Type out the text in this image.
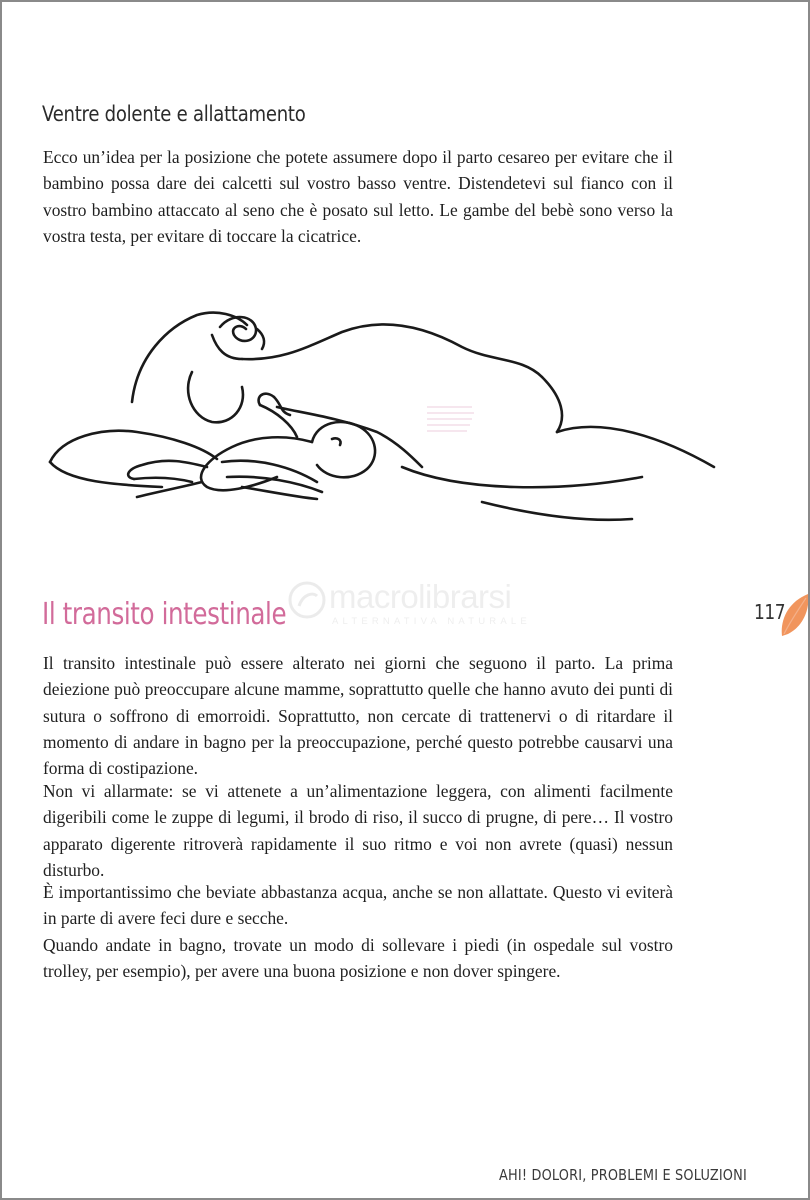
Ventre dolente e allattamento

Ecco un’idea per la posizione che potete assumere dopo il parto cesareo per evitare che il bambino possa dare dei calcetti sul vostro basso ventre. Distendetevi sul fianco con il vostro bambino attaccato al seno che è posato sul letto. Le gambe del bebè sono verso la vostra testa, per evitare di toccare la cicatrice.

macrolibrarsi
ALTERNATIVA NATURALE
Il transito intestinale	117

Il transito intestinale può essere alterato nei giorni che seguono il parto. La prima deiezione può preoccupare alcune mamme, soprattutto quelle che hanno avuto dei punti di sutura o soffrono di emorroidi. Soprattutto, non cercate di trattenervi o di ritardare il momento di andare in bagno per la preoccupazione, perché questo potrebbe causarvi una forma di costipazione.

Non vi allarmate: se vi attenete a un’alimentazione leggera, con alimenti facilmente digeribili come le zuppe di legumi, il brodo di riso, il succo di prugne, di pere… Il vostro apparato digerente ritroverà rapidamente il suo ritmo e voi non avrete (quasi) nessun disturbo.

È importantissimo che beviate abbastanza acqua, anche se non allattate. Questo vi eviterà in parte di avere feci dure e secche.

Quando andate in bagno, trovate un modo di sollevare i piedi (in ospedale sul vostro trolley, per esempio), per avere una buona posizione e non dover spingere.

AHI! DOLORI, PROBLEMI E SOLUZIONI
